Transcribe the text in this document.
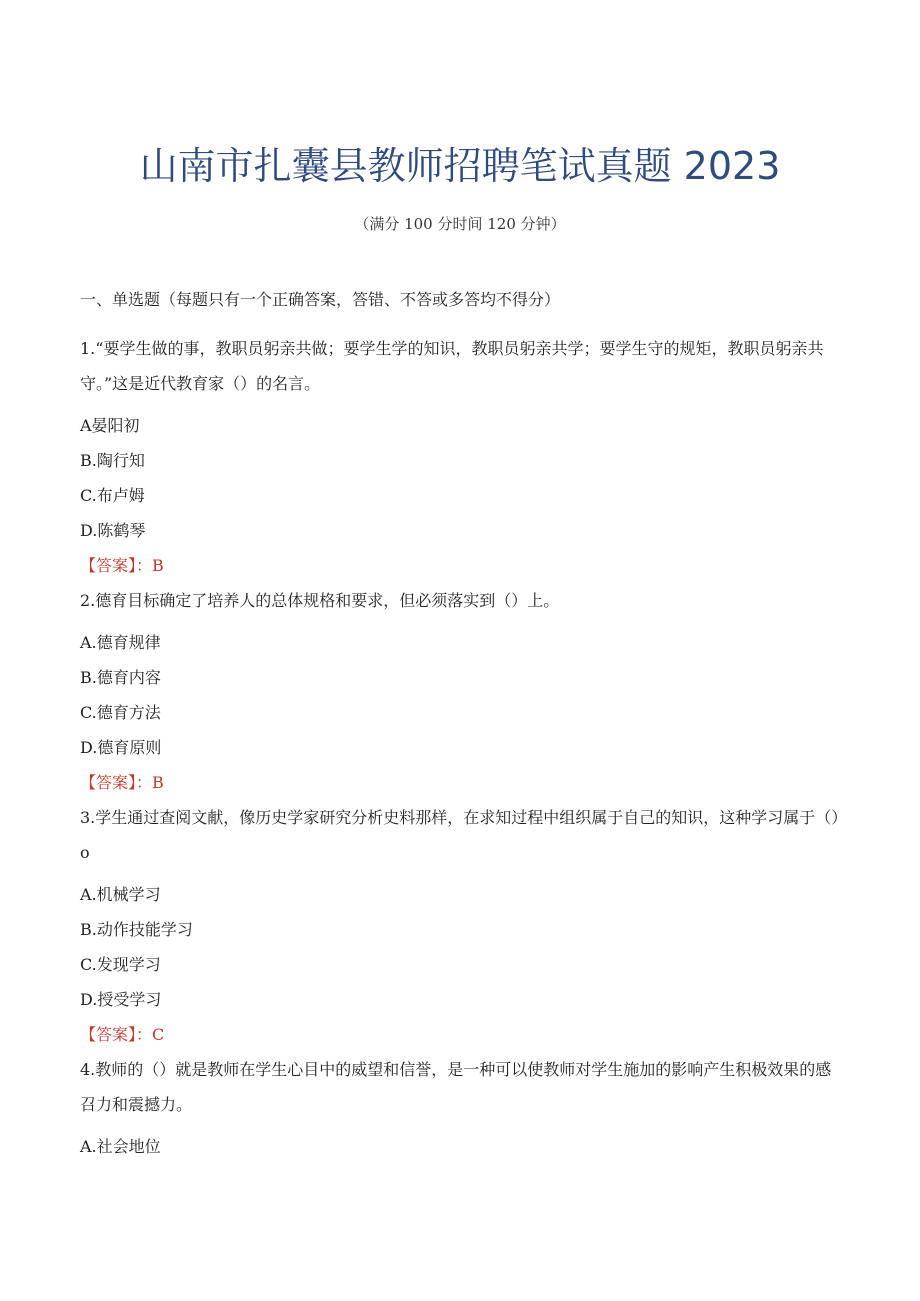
山南市扎囊县教师招聘笔试真题 2023
（满分 100 分时间 120 分钟）
一、单选题（每题只有一个正确答案，答错、不答或多答均不得分）
1.“要学生做的事，教职员躬亲共做；要学生学的知识，教职员躬亲共学；要学生守的规矩，教职员躬亲共守。”这是近代教育家（）的名言。
A晏阳初
B.陶行知
C.布卢姆
D.陈鹤琴
【答案】：B
2.德育目标确定了培养人的总体规格和要求，但必须落实到（）上。
A.德育规律
B.德育内容
C.德育方法
D.德育原则
【答案】：B
3.学生通过查阅文献，像历史学家研究分析史料那样，在求知过程中组织属于自己的知识，这种学习属于（）o
A.机械学习
B.动作技能学习
C.发现学习
D.授受学习
【答案】：C
4.教师的（）就是教师在学生心目中的威望和信誉，是一种可以使教师对学生施加的影响产生积极效果的感召力和震撼力。
A.社会地位
